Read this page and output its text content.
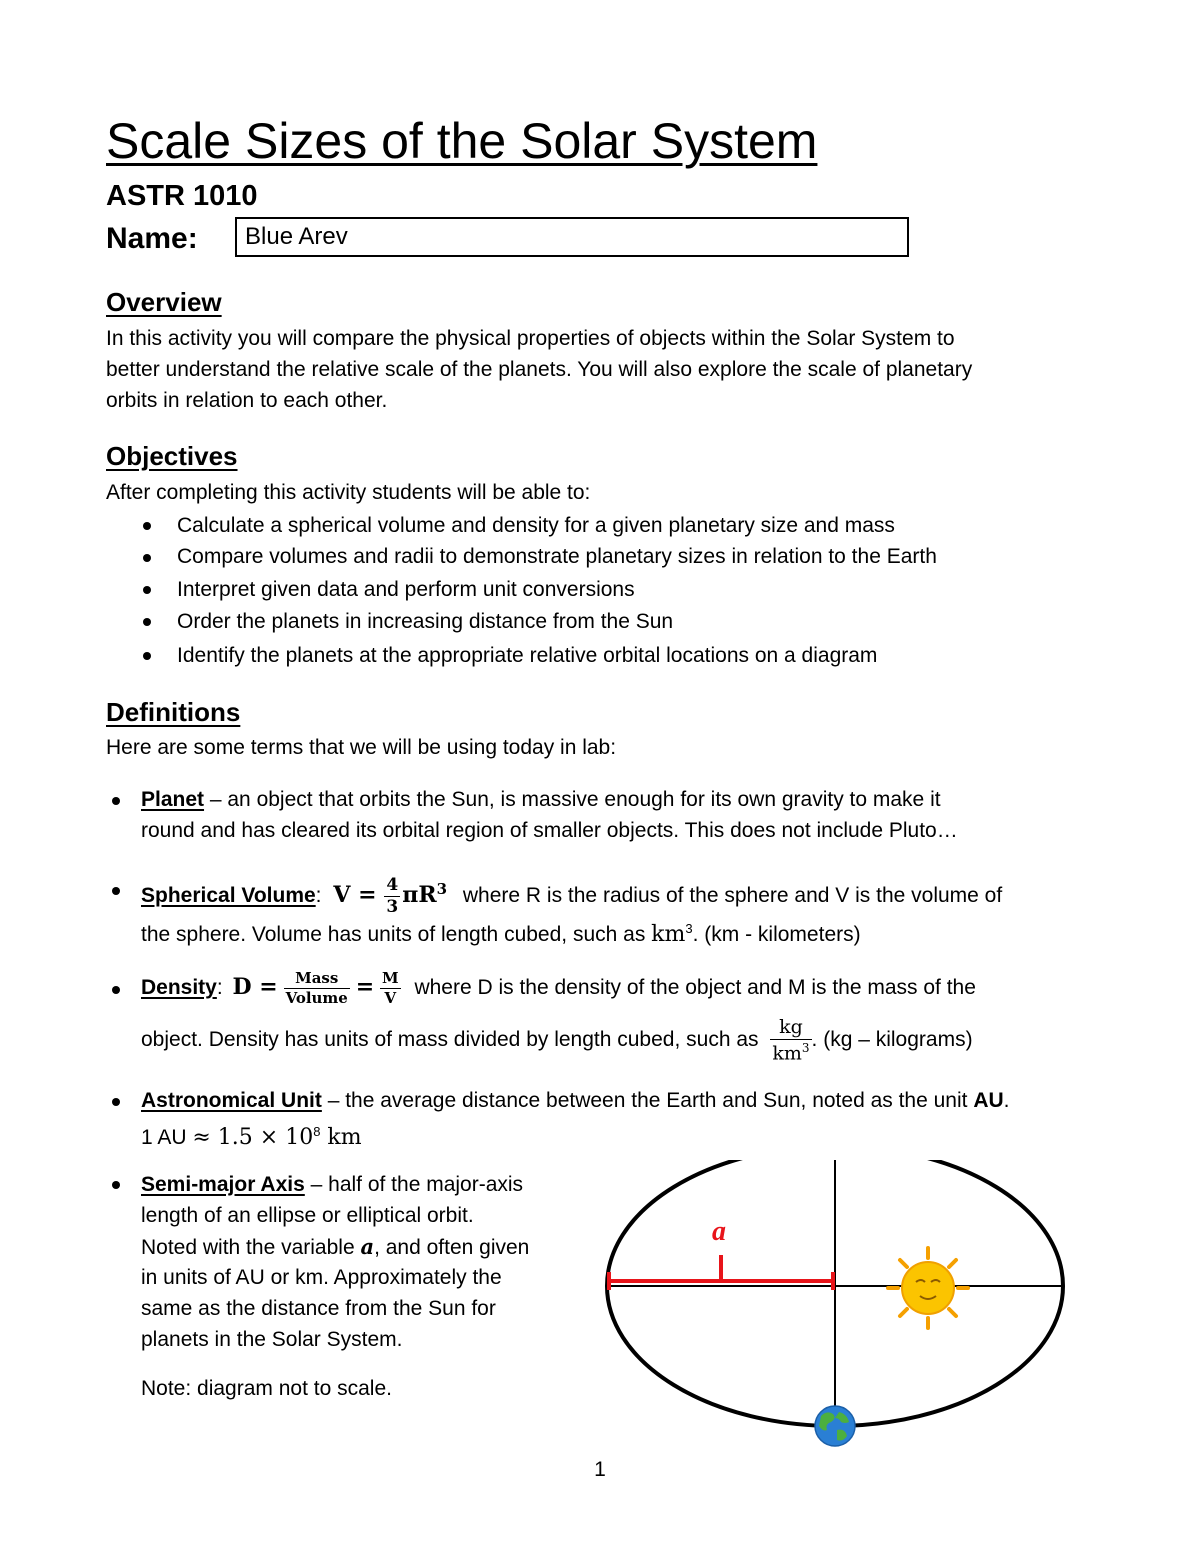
Scale Sizes of the Solar System
ASTR 1010
Name:	Blue Arev
Overview
In this activity you will compare the physical properties of objects within the Solar System to
better understand the relative scale of the planets. You will also explore the scale of planetary
orbits in relation to each other.
Objectives
After completing this activity students will be able to:
Calculate a spherical volume and density for a given planetary size and mass
Compare volumes and radii to demonstrate planetary sizes in relation to the Earth
Interpret given data and perform unit conversions
Order the planets in increasing distance from the Sun
Identify the planets at the appropriate relative orbital locations on a diagram
Definitions
Here are some terms that we will be using today in lab:
Planet – an object that orbits the Sun, is massive enough for its own gravity to make it
round and has cleared its orbital region of smaller objects. This does not include Pluto…
Spherical Volume: $V = \frac{4}{3} \pi R^3$ where R is the radius of the sphere and V is the volume of
the sphere. Volume has units of length cubed, such as $km^3$. (km - kilometers)
Density: $D = \frac{\text{Mass}}{\text{Volume}} = \frac{M}{V}$ where D is the density of the object and M is the mass of the
object. Density has units of mass divided by length cubed, such as $\frac{kg}{km^3}$ . (kg – kilograms)
Astronomical Unit – the average distance between the Earth and Sun, noted as the unit AU.
1 AU ≈ $1.5 \times 10^8$ km
Semi-major Axis – half of the major-axis
length of an ellipse or elliptical orbit.
Noted with the variable a, and often given
in units of AU or km. Approximately the
same as the distance from the Sun for
planets in the Solar System.
Note: diagram not to scale.
a
1
